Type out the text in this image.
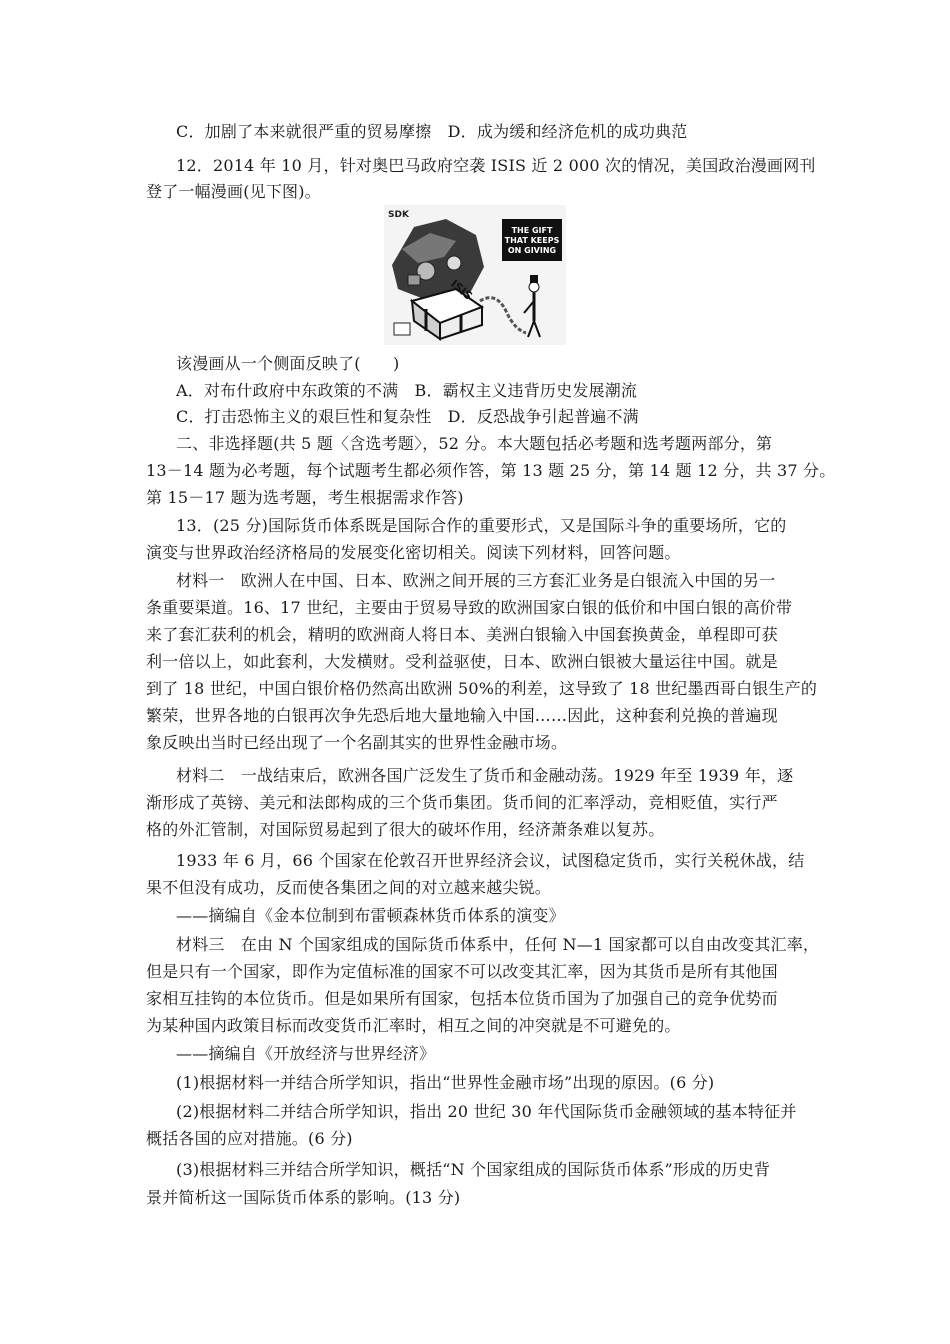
C．加剧了本来就很严重的贸易摩擦　D．成为缓和经济危机的成功典范
12．2014 年 10 月，针对奥巴马政府空袭 ISIS 近 2 000 次的情况，美国政治漫画网刊
登了一幅漫画(见下图)。
SDK
THE GIFT
THAT KEEPS
ON GIVING
ISIS
该漫画从一个侧面反映了(　　)
A．对布什政府中东政策的不满　B．霸权主义违背历史发展潮流
C．打击恐怖主义的艰巨性和复杂性　D．反恐战争引起普遍不满
二、非选择题(共 5 题〈含选考题〉，52 分。本大题包括必考题和选考题两部分，第
13－14 题为必考题，每个试题考生都必须作答，第 13 题 25 分，第 14 题 12 分，共 37 分。
第 15－17 题为选考题，考生根据需求作答)
13．(25 分)国际货币体系既是国际合作的重要形式，又是国际斗争的重要场所，它的
演变与世界政治经济格局的发展变化密切相关。阅读下列材料，回答问题。
材料一　欧洲人在中国、日本、欧洲之间开展的三方套汇业务是白银流入中国的另一
条重要渠道。16、17 世纪，主要由于贸易导致的欧洲国家白银的低价和中国白银的高价带
来了套汇获利的机会，精明的欧洲商人将日本、美洲白银输入中国套换黄金，单程即可获
利一倍以上，如此套利，大发横财。受利益驱使，日本、欧洲白银被大量运往中国。就是
到了 18 世纪，中国白银价格仍然高出欧洲 50%的利差，这导致了 18 世纪墨西哥白银生产的
繁荣，世界各地的白银再次争先恐后地大量地输入中国……因此，这种套利兑换的普遍现
象反映出当时已经出现了一个名副其实的世界性金融市场。
材料二　一战结束后，欧洲各国广泛发生了货币和金融动荡。1929 年至 1939 年，逐
渐形成了英镑、美元和法郎构成的三个货币集团。货币间的汇率浮动，竞相贬值，实行严
格的外汇管制，对国际贸易起到了很大的破坏作用，经济萧条难以复苏。
1933 年 6 月，66 个国家在伦敦召开世界经济会议，试图稳定货币，实行关税休战，结
果不但没有成功，反而使各集团之间的对立越来越尖锐。
——摘编自《金本位制到布雷顿森林货币体系的演变》
材料三　在由 N 个国家组成的国际货币体系中，任何 N—1 国家都可以自由改变其汇率，
但是只有一个国家，即作为定值标准的国家不可以改变其汇率，因为其货币是所有其他国
家相互挂钩的本位货币。但是如果所有国家，包括本位货币国为了加强自己的竞争优势而
为某种国内政策目标而改变货币汇率时，相互之间的冲突就是不可避免的。
——摘编自《开放经济与世界经济》
(1)根据材料一并结合所学知识，指出“世界性金融市场”出现的原因。(6 分)
(2)根据材料二并结合所学知识，指出 20 世纪 30 年代国际货币金融领域的基本特征并
概括各国的应对措施。(6 分)
(3)根据材料三并结合所学知识，概括“N 个国家组成的国际货币体系”形成的历史背
景并简析这一国际货币体系的影响。(13 分)
